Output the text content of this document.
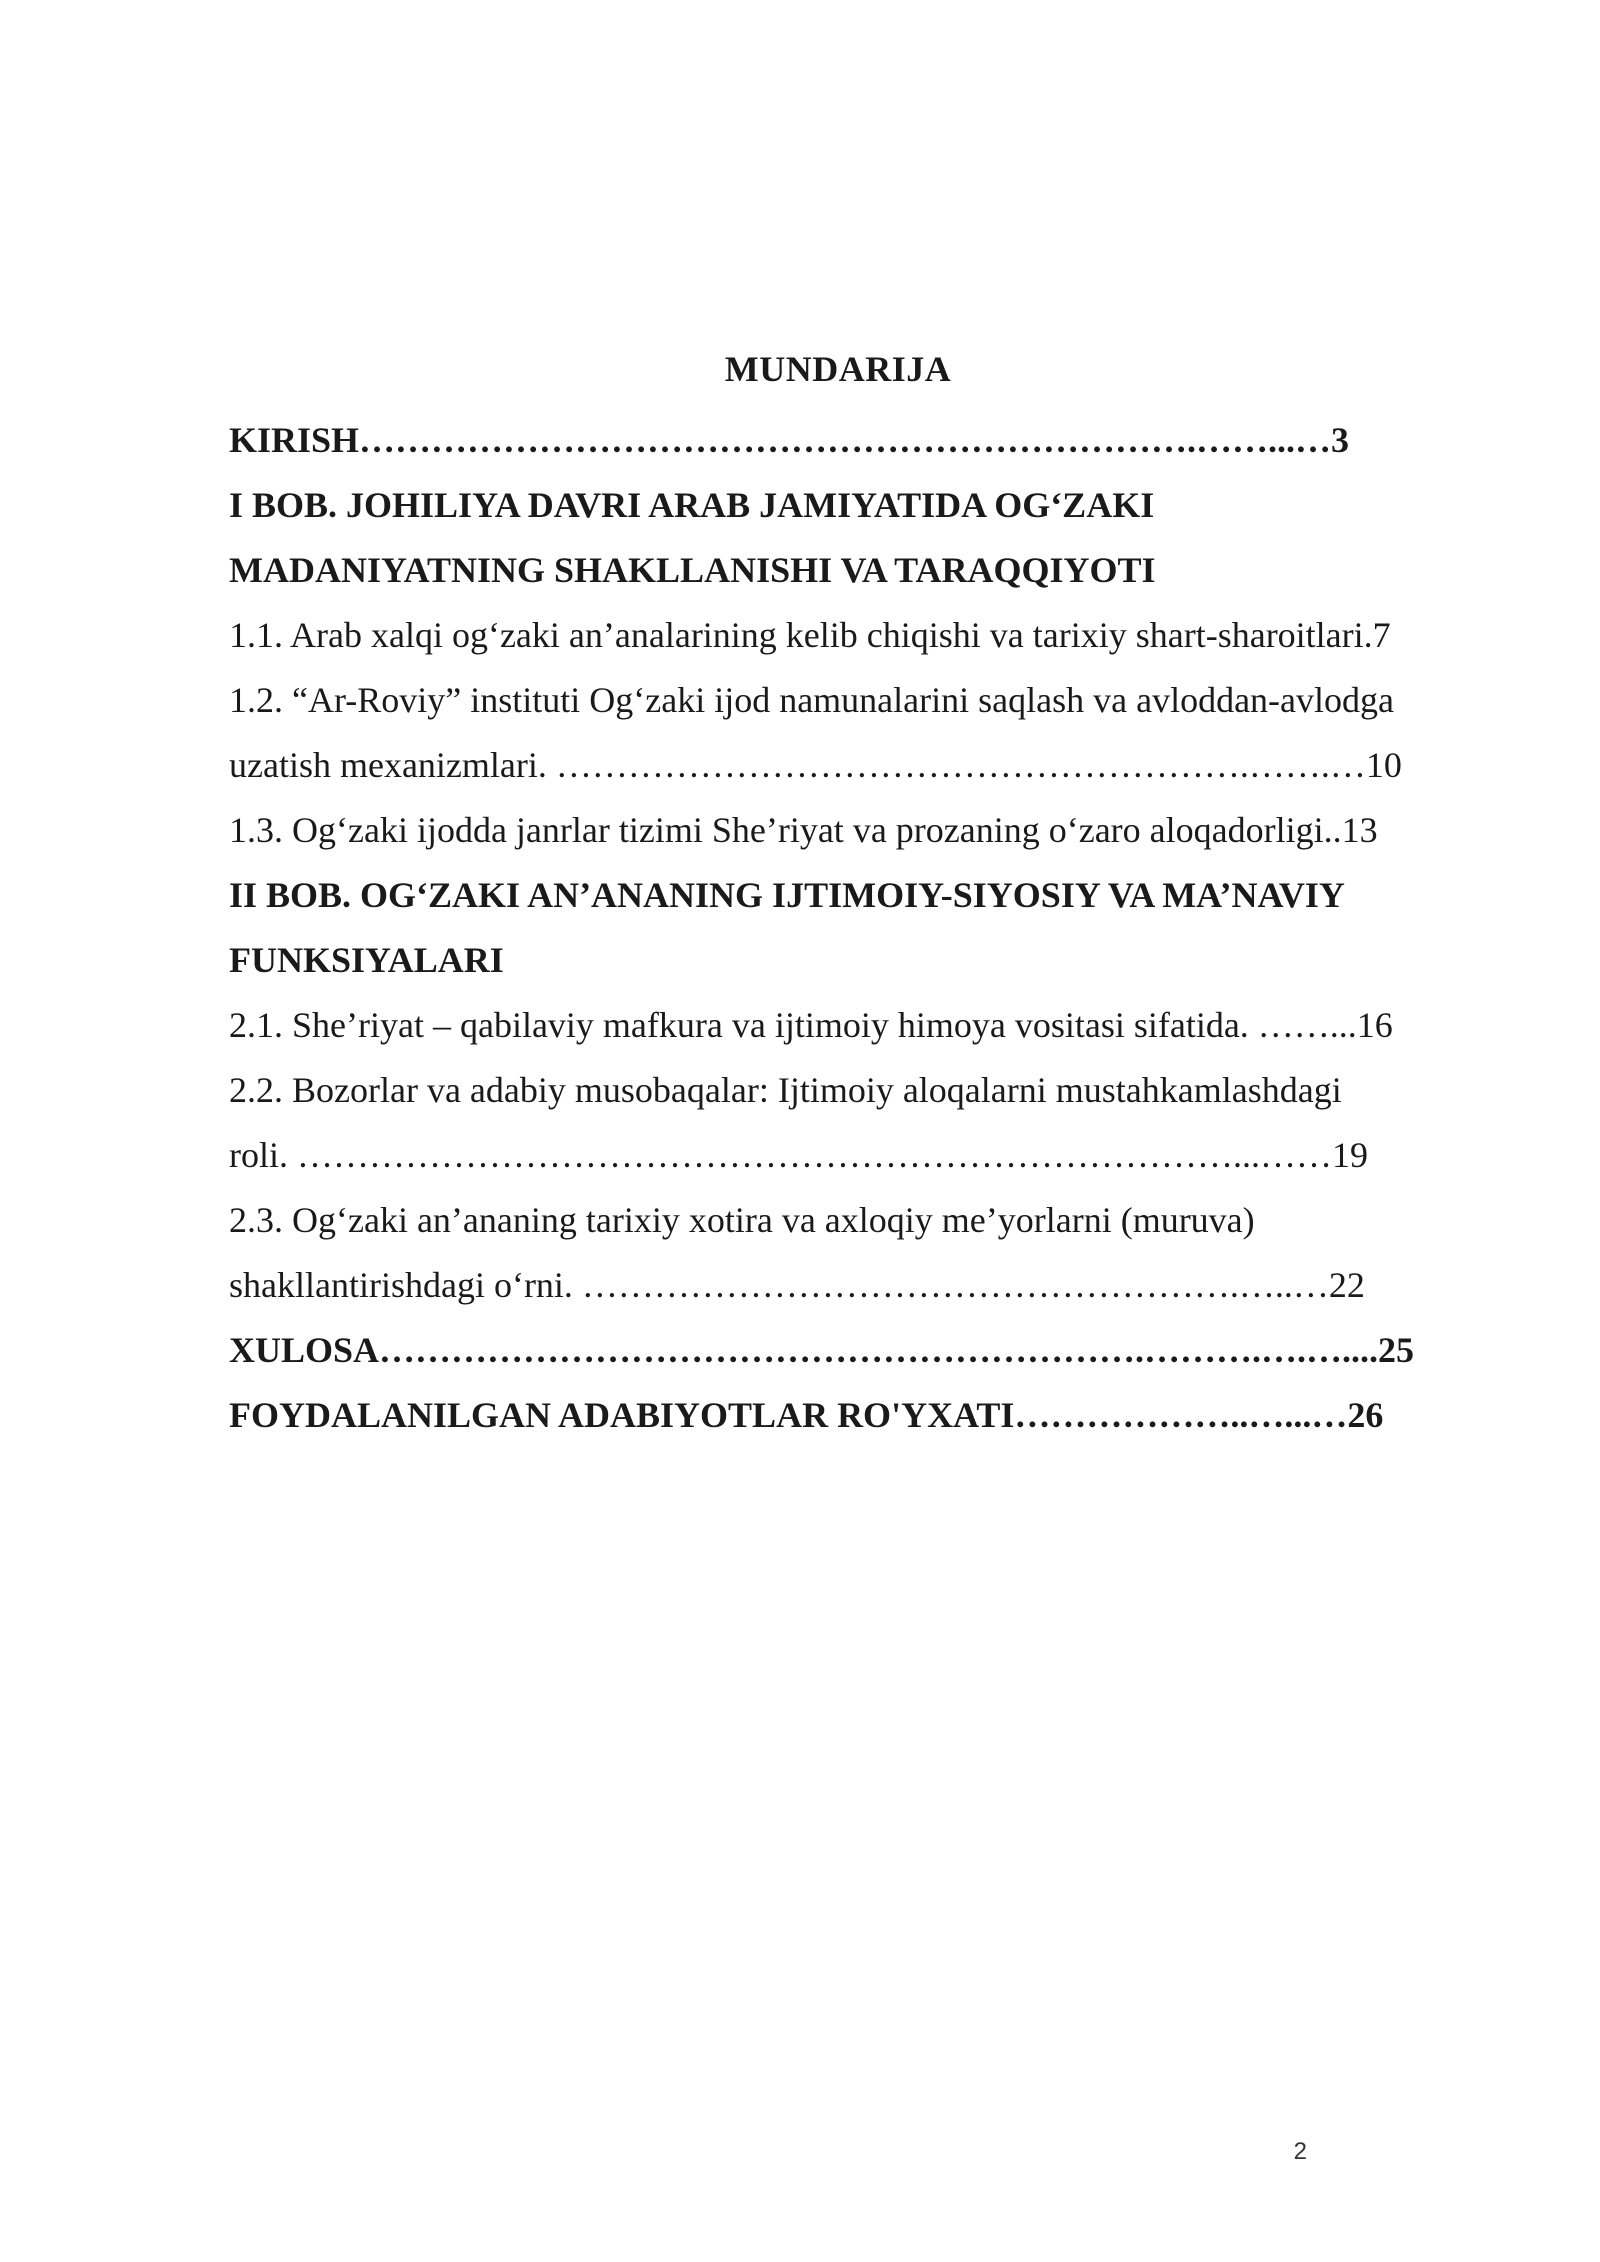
MUNDARIJA
KIRISH…………………………………………………………….……...…3
I BOB. JOHILIYA DAVRI ARAB JAMIYATIDA OG‘ZAKI
MADANIYATNING SHAKLLANISHI VA TARAQQIYOTI
1.1. Arab xalqi og‘zaki an’analarining kelib chiqishi va tarixiy shart-sharoitlari.7
1.2. “Ar-Roviy” instituti Og‘zaki ijod namunalarini saqlash va avloddan-avlodga
uzatish mexanizmlari. ………………………………………………….…….…10
1.3. Og‘zaki ijodda janrlar tizimi She’riyat va prozaning o‘zaro aloqadorligi..13
II BOB. OG‘ZAKI AN’ANANING IJTIMOIY-SIYOSIY VA MA’NAVIY
FUNKSIYALARI
2.1. She’riyat – qabilaviy mafkura va ijtimoiy himoya vositasi sifatida. ……...16
2.2. Bozorlar va adabiy musobaqalar: Ijtimoiy aloqalarni mustahkamlashdagi
roli. ……………………………………………………………………...……19
2.3. Og‘zaki an’ananing tarixiy xotira va axloqiy me’yorlarni (muruva)
shakllantirishdagi o‘rni. ……………………………………………….…..…22
XULOSA……………………………………………………….……….….…....25
FOYDALANILGAN ADABIYOTLAR RO'YXATI………………..…...…26
2
